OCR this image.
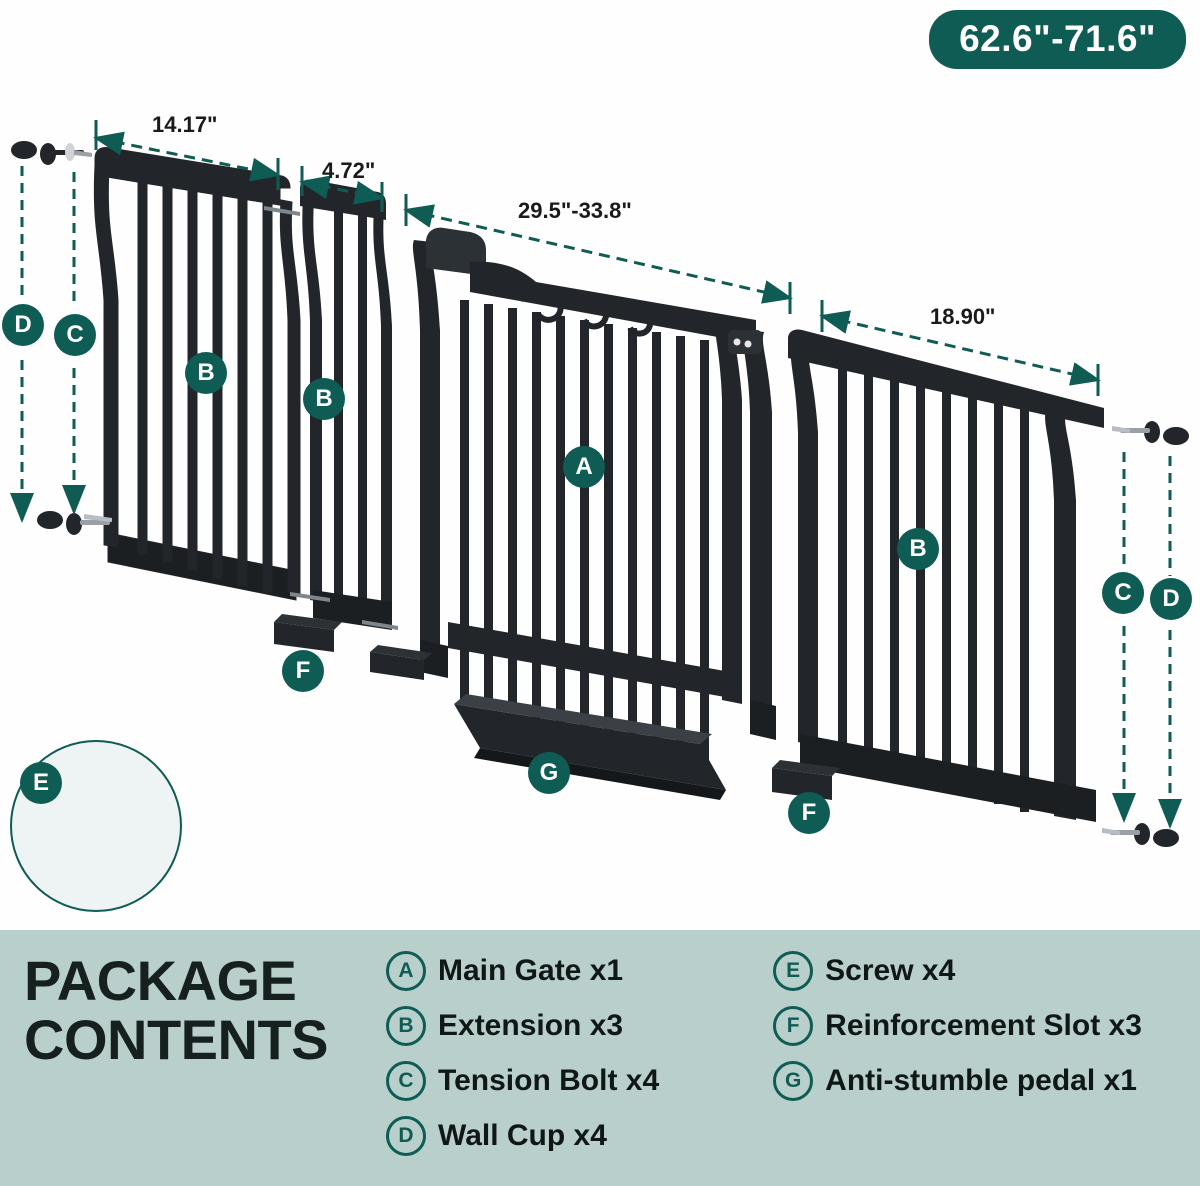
62.6"-71.6"
14.17"
4.72"
29.5"-33.8"
18.90"
D	C
B
B
A
B
C	D
F
F
G
E
PACKAGE
CONTENTS
A Main Gate x1
B Extension x3
C Tension Bolt x4
D Wall Cup x4
E Screw x4
F Reinforcement Slot x3
G Anti-stumble pedal x1
